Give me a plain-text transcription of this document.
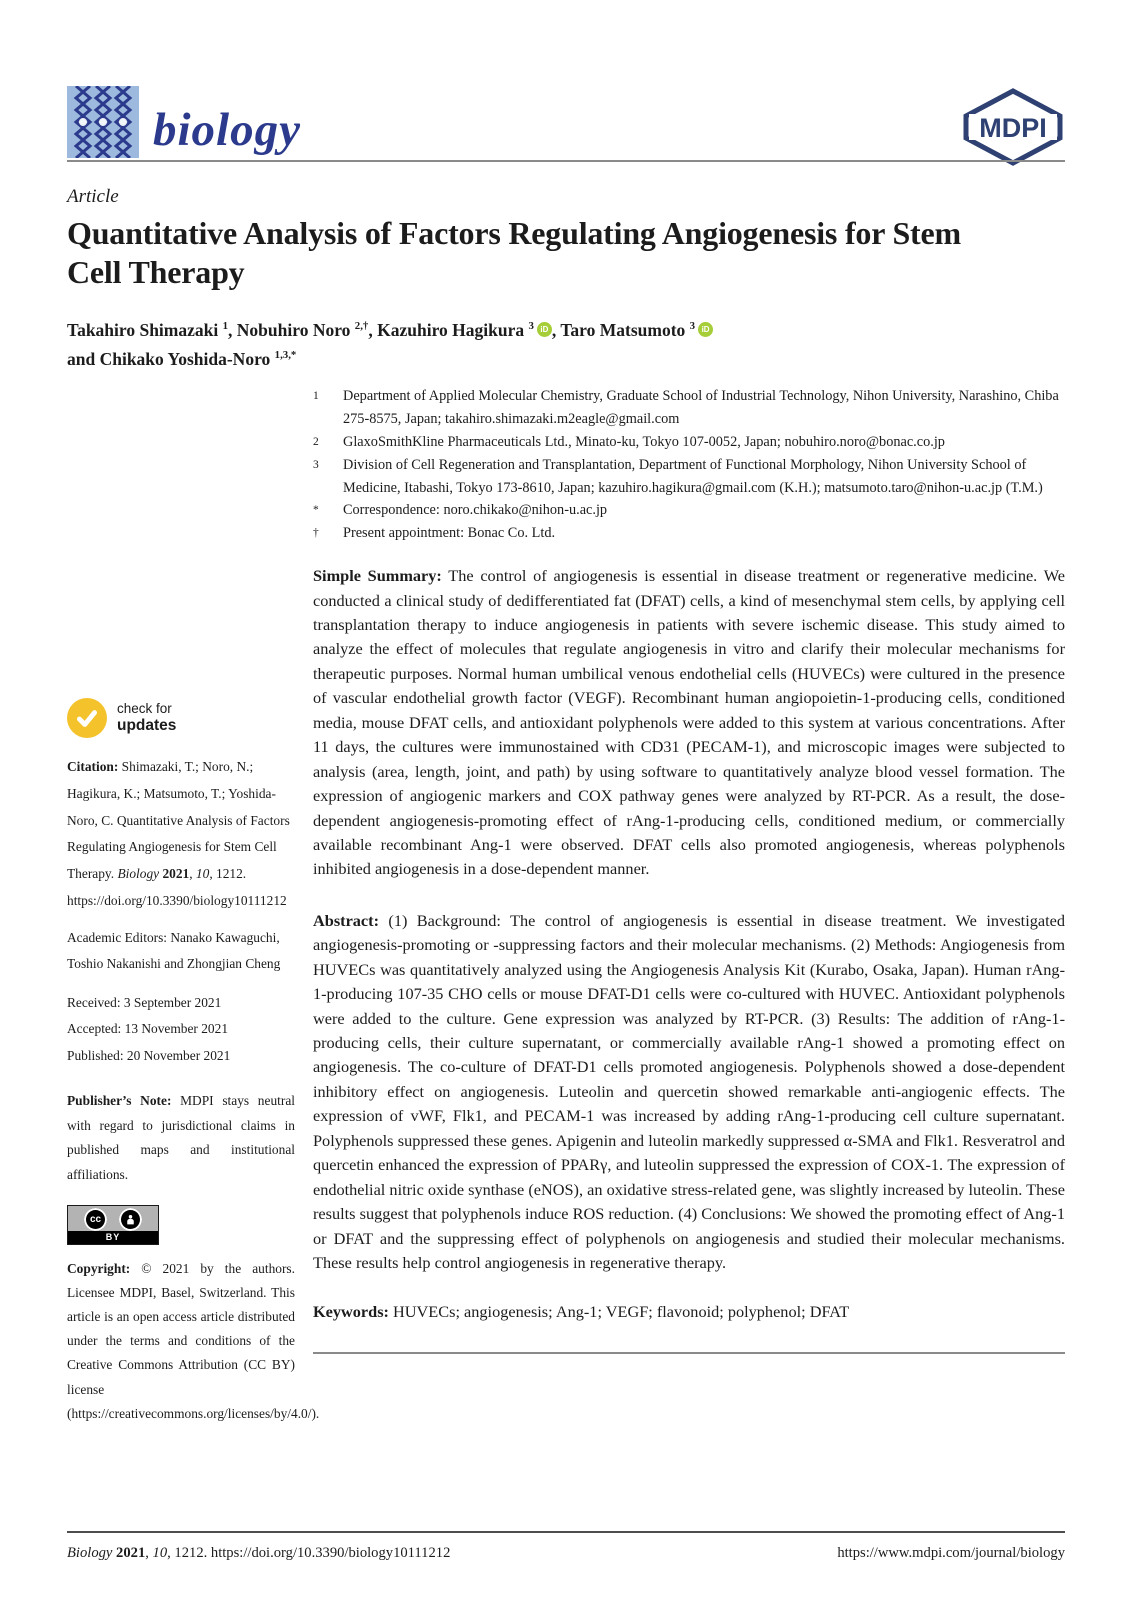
biology	MDPI
Article
Quantitative Analysis of Factors Regulating Angiogenesis for Stem Cell Therapy
Takahiro Shimazaki $^1$, Nobuhiro Noro $^{2,\dagger}$, Kazuhiro Hagikura $^3$ iD , Taro Matsumoto $^3$ iD
and Chikako Yoshida-Noro $^{1,3,*}$
check for
updates
Citation: Shimazaki, T.; Noro, N.; Hagikura, K.; Matsumoto, T.; Yoshida-Noro, C. Quantitative Analysis of Factors Regulating Angiogenesis for Stem Cell Therapy. Biology 2021, 10, 1212. https://doi.org/10.3390/biology10111212
Academic Editors: Nanako Kawaguchi, Toshio Nakanishi and Zhongjian Cheng
Received: 3 September 2021
Accepted: 13 November 2021
Published: 20 November 2021
Publisher’s Note: MDPI stays neutral with regard to jurisdictional claims in published maps and institutional affiliations.
cc
BY
Copyright: © 2021 by the authors. Licensee MDPI, Basel, Switzerland. This article is an open access article distributed under the terms and conditions of the Creative Commons Attribution (CC BY) license (https://creativecommons.org/licenses/by/4.0/).
1	Department of Applied Molecular Chemistry, Graduate School of Industrial Technology, Nihon University, Narashino, Chiba 275-8575, Japan; takahiro.shimazaki.m2eagle@gmail.com
2	GlaxoSmithKline Pharmaceuticals Ltd., Minato-ku, Tokyo 107-0052, Japan; nobuhiro.noro@bonac.co.jp
3	Division of Cell Regeneration and Transplantation, Department of Functional Morphology, Nihon University School of Medicine, Itabashi, Tokyo 173-8610, Japan; kazuhiro.hagikura@gmail.com (K.H.); matsumoto.taro@nihon-u.ac.jp (T.M.)
*	Correspondence: noro.chikako@nihon-u.ac.jp
†	Present appointment: Bonac Co. Ltd.
Simple Summary: The control of angiogenesis is essential in disease treatment or regenerative medicine. We conducted a clinical study of dedifferentiated fat (DFAT) cells, a kind of mesenchymal stem cells, by applying cell transplantation therapy to induce angiogenesis in patients with severe ischemic disease. This study aimed to analyze the effect of molecules that regulate angiogenesis in vitro and clarify their molecular mechanisms for therapeutic purposes. Normal human umbilical venous endothelial cells (HUVECs) were cultured in the presence of vascular endothelial growth factor (VEGF). Recombinant human angiopoietin-1-producing cells, conditioned media, mouse DFAT cells, and antioxidant polyphenols were added to this system at various concentrations. After 11 days, the cultures were immunostained with CD31 (PECAM-1), and microscopic images were subjected to analysis (area, length, joint, and path) by using software to quantitatively analyze blood vessel formation. The expression of angiogenic markers and COX pathway genes were analyzed by RT-PCR. As a result, the dose-dependent angiogenesis-promoting effect of rAng-1-producing cells, conditioned medium, or commercially available recombinant Ang-1 were observed. DFAT cells also promoted angiogenesis, whereas polyphenols inhibited angiogenesis in a dose-dependent manner.
Abstract: (1) Background: The control of angiogenesis is essential in disease treatment. We investigated angiogenesis-promoting or -suppressing factors and their molecular mechanisms. (2) Methods: Angiogenesis from HUVECs was quantitatively analyzed using the Angiogenesis Analysis Kit (Kurabo, Osaka, Japan). Human rAng-1-producing 107-35 CHO cells or mouse DFAT-D1 cells were co-cultured with HUVEC. Antioxidant polyphenols were added to the culture. Gene expression was analyzed by RT-PCR. (3) Results: The addition of rAng-1-producing cells, their culture supernatant, or commercially available rAng-1 showed a promoting effect on angiogenesis. The co-culture of DFAT-D1 cells promoted angiogenesis. Polyphenols showed a dose-dependent inhibitory effect on angiogenesis. Luteolin and quercetin showed remarkable anti-angiogenic effects. The expression of vWF, Flk1, and PECAM-1 was increased by adding rAng-1-producing cell culture supernatant. Polyphenols suppressed these genes. Apigenin and luteolin markedly suppressed α-SMA and Flk1. Resveratrol and quercetin enhanced the expression of PPARγ, and luteolin suppressed the expression of COX-1. The expression of endothelial nitric oxide synthase (eNOS), an oxidative stress-related gene, was slightly increased by luteolin. These results suggest that polyphenols induce ROS reduction. (4) Conclusions: We showed the promoting effect of Ang-1 or DFAT and the suppressing effect of polyphenols on angiogenesis and studied their molecular mechanisms. These results help control angiogenesis in regenerative therapy.
Keywords: HUVECs; angiogenesis; Ang-1; VEGF; flavonoid; polyphenol; DFAT
Biology 2021, 10, 1212. https://doi.org/10.3390/biology10111212	https://www.mdpi.com/journal/biology
